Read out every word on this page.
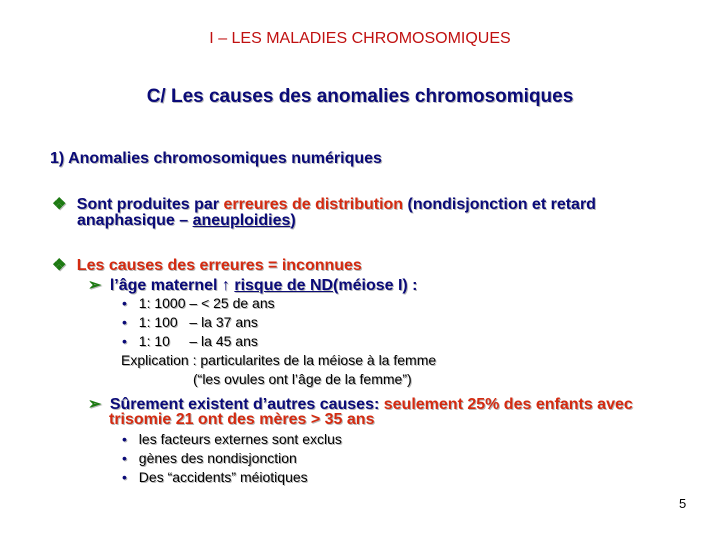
I – LES MALADIES CHROMOSOMIQUES
C/ Les causes des anomalies chromosomiques
1) Anomalies chromosomiques numériques
❖ Sont produites par erreures de distribution (nondisjonction et retard
anaphasique – aneuploidies)
❖ Les causes des erreures = inconnues
➢ l’âge maternel ↑ risque de ND(méiose I) :
• 1: 1000 – < 25 de ans
• 1: 100   – la 37 ans
• 1: 10     – la 45 ans
Explication : particularites de la méiose à la femme
(“les ovules ont l’âge de la femme”)
➢ Sûrement existent d’autres causes: seulement 25% des enfants avec
trisomie 21 ont des mères > 35 ans
• les facteurs externes sont exclus
• gènes des nondisjonction
• Des “accidents” méiotiques
5
